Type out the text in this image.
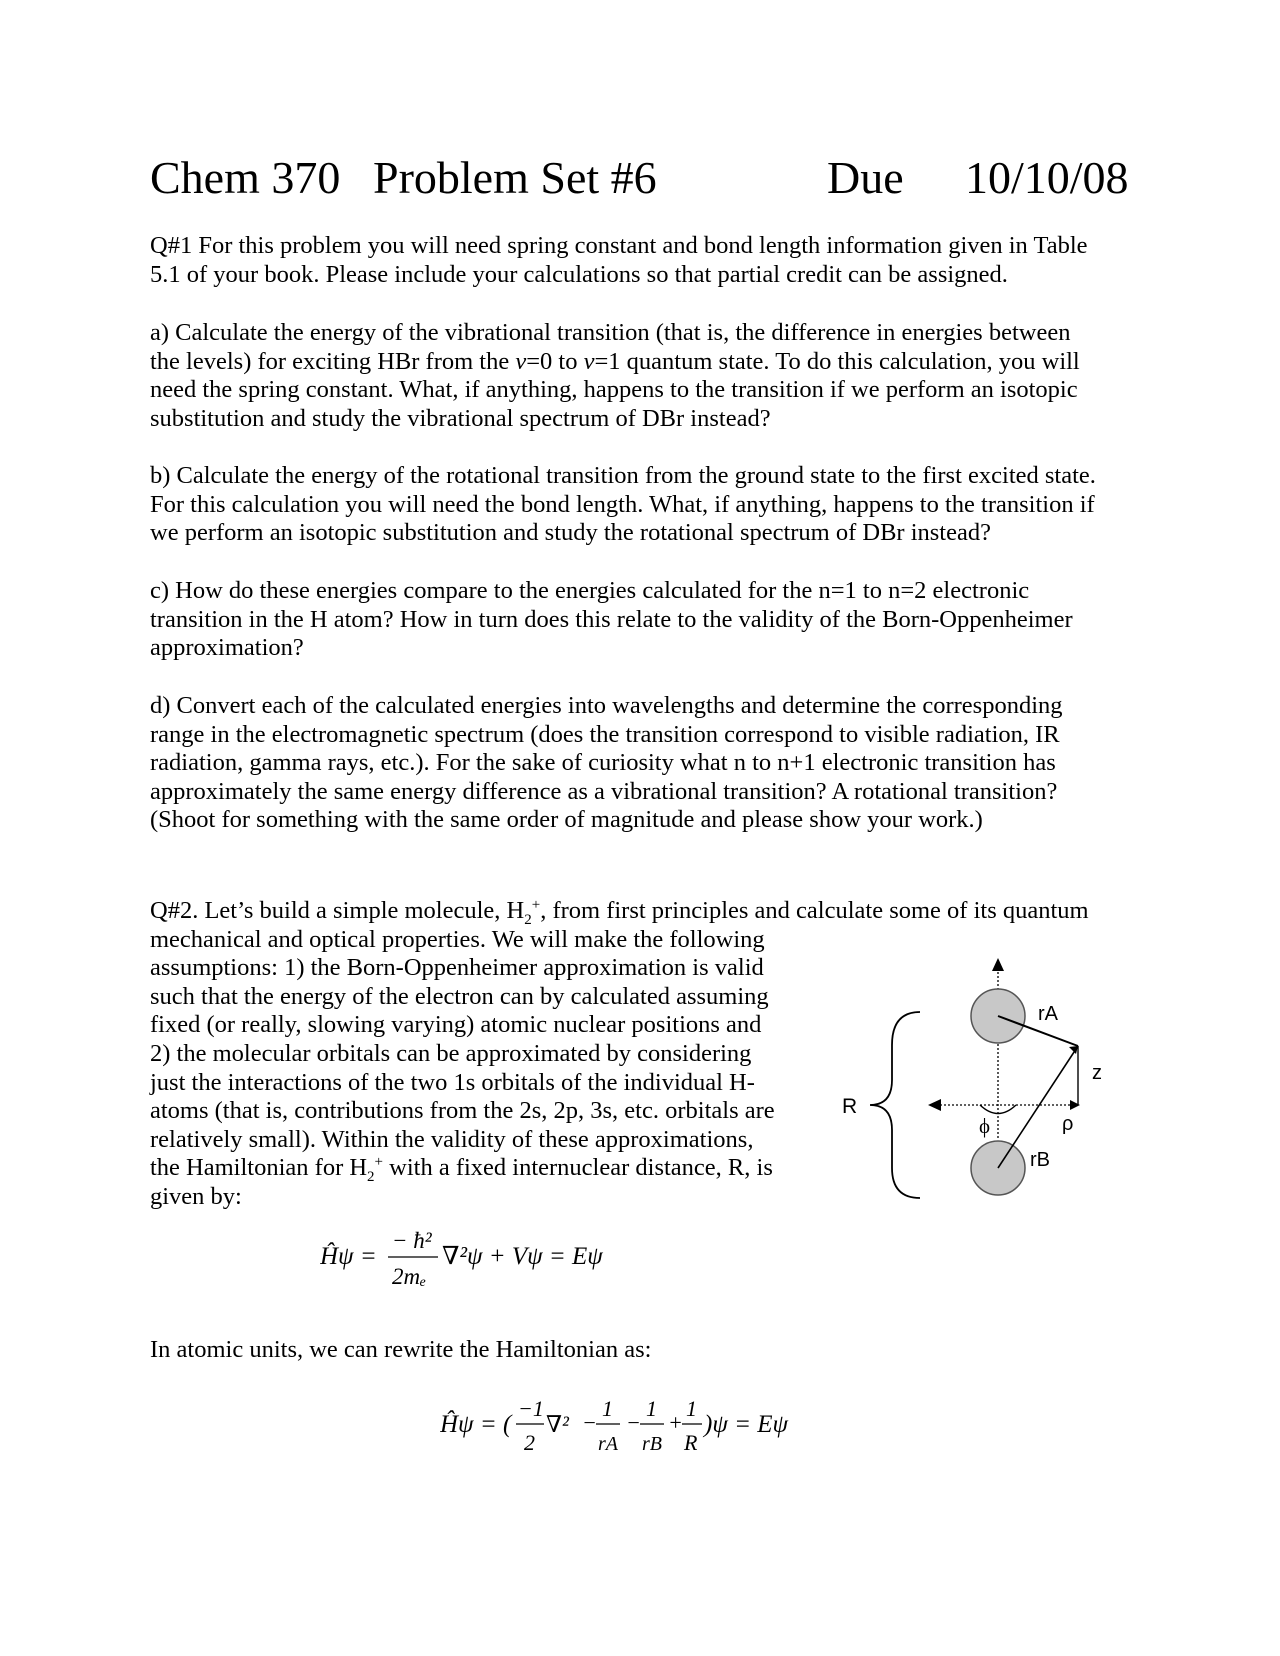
Chem 370 Problem Set #6	Due 10/10/08
Q#1 For this problem you will need spring constant and bond length information given in Table
5.1 of your book. Please include your calculations so that partial credit can be assigned.
a) Calculate the energy of the vibrational transition (that is, the difference in energies between
the levels) for exciting HBr from the v=0 to v=1 quantum state. To do this calculation, you will
need the spring constant. What, if anything, happens to the transition if we perform an isotopic
substitution and study the vibrational spectrum of DBr instead?
b) Calculate the energy of the rotational transition from the ground state to the first excited state.
For this calculation you will need the bond length. What, if anything, happens to the transition if
we perform an isotopic substitution and study the rotational spectrum of DBr instead?
c) How do these energies compare to the energies calculated for the n=1 to n=2 electronic
transition in the H atom? How in turn does this relate to the validity of the Born-Oppenheimer
approximation?
d) Convert each of the calculated energies into wavelengths and determine the corresponding
range in the electromagnetic spectrum (does the transition correspond to visible radiation, IR
radiation, gamma rays, etc.). For the sake of curiosity what n to n+1 electronic transition has
approximately the same energy difference as a vibrational transition? A rotational transition?
(Shoot for something with the same order of magnitude and please show your work.)
Q#2. Let’s build a simple molecule, $H_2^+$, from first principles and calculate some of its quantum
mechanical and optical properties. We will make the following
assumptions: 1) the Born-Oppenheimer approximation is valid
such that the energy of the electron can by calculated assuming
fixed (or really, slowing varying) atomic nuclear positions and
2) the molecular orbitals can be approximated by considering
just the interactions of the two 1s orbitals of the individual H-
atoms (that is, contributions from the 2s, 2p, 3s, etc. orbitals are
relatively small). Within the validity of these approximations,
the Hamiltonian for $H_2^+$ with a fixed internuclear distance, R, is
given by:
rA
rB
z
ρ
ϕ
R
Ĥψ =
− ħ²
2mₑ
∇²ψ + Vψ = Eψ
In atomic units, we can rewrite the Hamiltonian as:
Ĥψ = (
−1
2
∇² −
1
rA
−
1
rB
+
1
R
)ψ = Eψ
